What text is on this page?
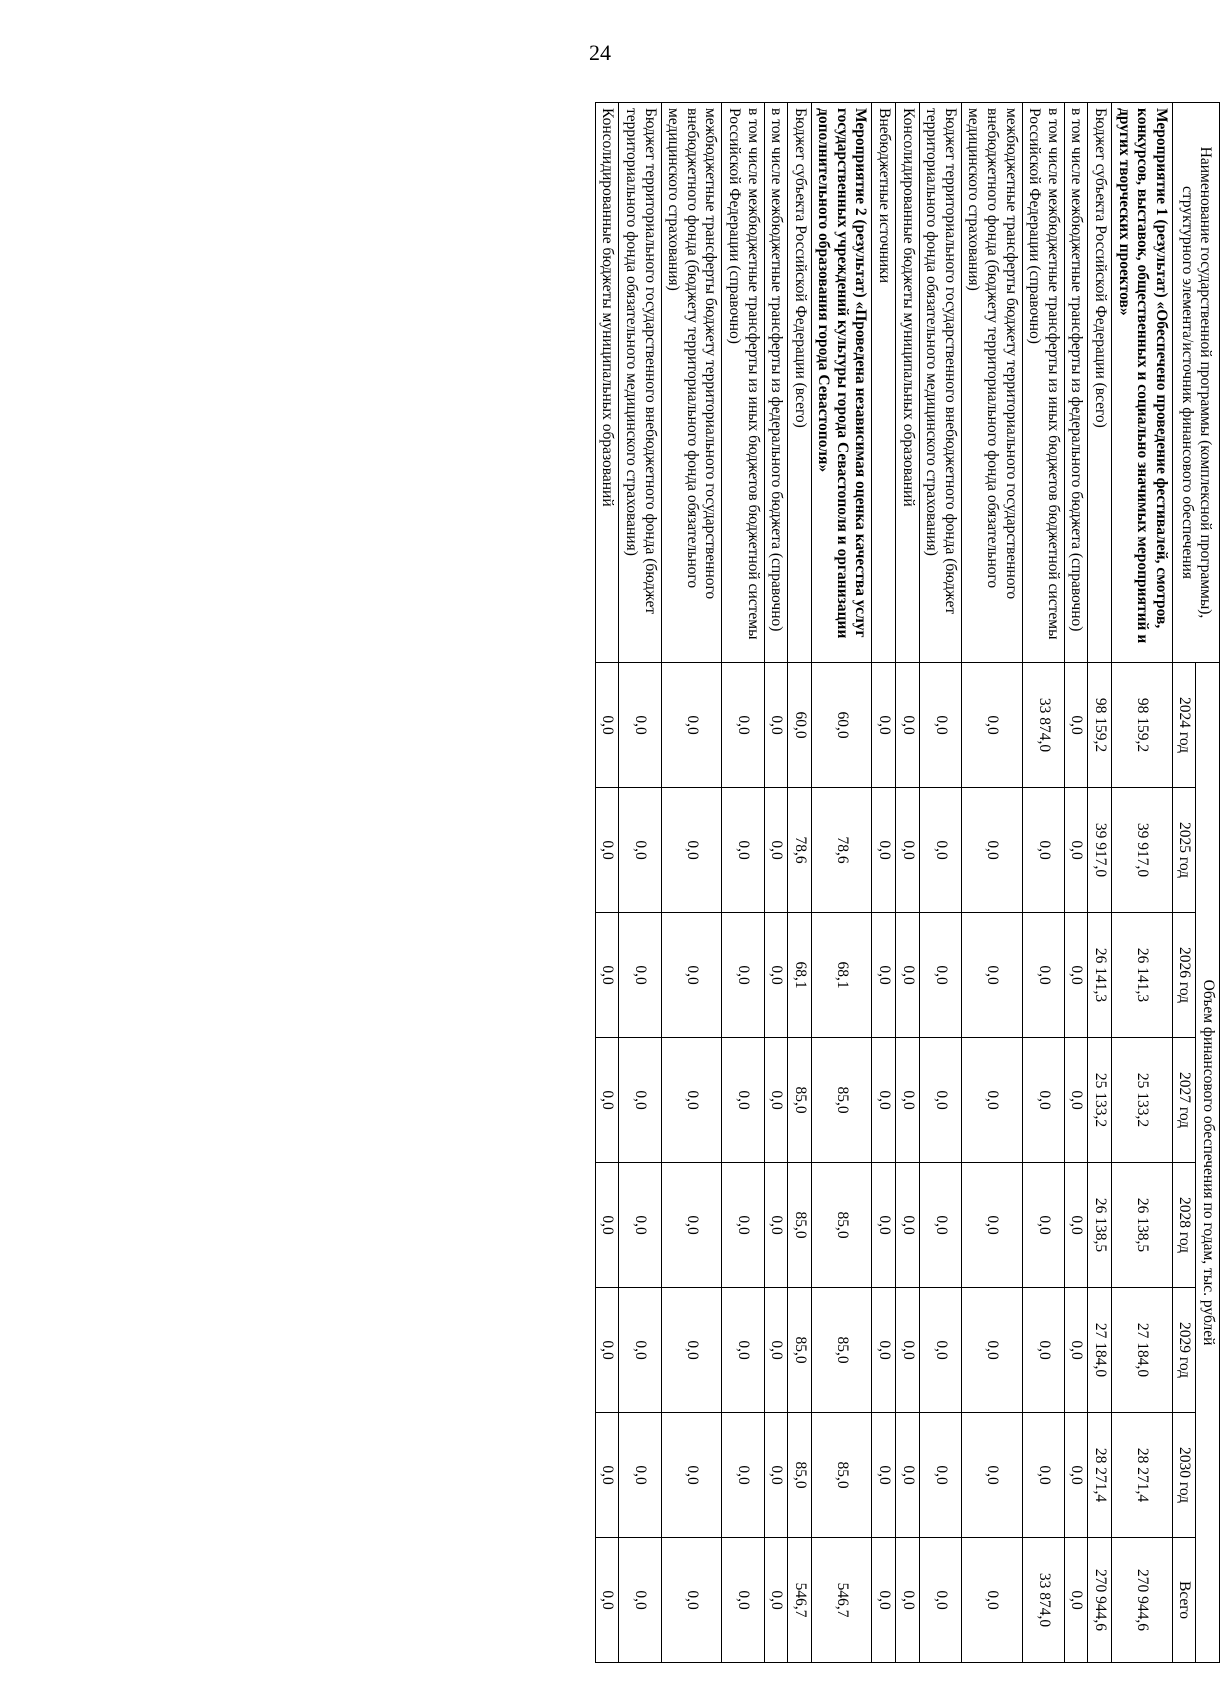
24
Наименование государственной программы (комплексной программы), структурного элемента/источник финансового обеспечения	Объем финансового обеспечения по годам, тыс. рублей							
	2024 год	2025 год	2026 год	2027 год	2028 год	2029 год	2030 год	Всего
Мероприятие 1 (результат) «Обеспечено проведение фестивалей, смотров, конкурсов, выставок, общественных и социально значимых мероприятий и других творческих проектов»	98 159,2	39 917,0	26 141,3	25 133,2	26 138,5	27 184,0	28 271,4	270 944,6
Бюджет субъекта Российской Федерации (всего)	98 159,2	39 917,0	26 141,3	25 133,2	26 138,5	27 184,0	28 271,4	270 944,6
в том числе межбюджетные трансферты из федерального бюджета (справочно)	0,0	0,0	0,0	0,0	0,0	0,0	0,0	0,0
в том числе межбюджетные трансферты из иных бюджетов бюджетной системы Российской Федерации (справочно)	33 874,0	0,0	0,0	0,0	0,0	0,0	0,0	33 874,0
межбюджетные трансферты бюджету территориального государственного внебюджетного фонда (бюджету территориального фонда обязательного медицинского страхования)	0,0	0,0	0,0	0,0	0,0	0,0	0,0	0,0
Бюджет территориального государственного внебюджетного фонда (бюджет территориального фонда обязательного медицинского страхования)	0,0	0,0	0,0	0,0	0,0	0,0	0,0	0,0
Консолидированные бюджеты муниципальных образований	0,0	0,0	0,0	0,0	0,0	0,0	0,0	0,0
Внебюджетные источники	0,0	0,0	0,0	0,0	0,0	0,0	0,0	0,0
Мероприятие 2 (результат) «Проведена независимая оценка качества услуг государственных учреждений культуры города Севастополя и организации дополнительного образования города Севастополя»	60,0	78,6	68,1	85,0	85,0	85,0	85,0	546,7
Бюджет субъекта Российской Федерации (всего)	60,0	78,6	68,1	85,0	85,0	85,0	85,0	546,7
в том числе межбюджетные трансферты из федерального бюджета (справочно)	0,0	0,0	0,0	0,0	0,0	0,0	0,0	0,0
в том числе межбюджетные трансферты из иных бюджетов бюджетной системы Российской Федерации (справочно)	0,0	0,0	0,0	0,0	0,0	0,0	0,0	0,0
межбюджетные трансферты бюджету территориального государственного внебюджетного фонда (бюджету территориального фонда обязательного медицинского страхования)	0,0	0,0	0,0	0,0	0,0	0,0	0,0	0,0
Бюджет территориального государственного внебюджетного фонда (бюджет территориального фонда обязательного медицинского страхования)	0,0	0,0	0,0	0,0	0,0	0,0	0,0	0,0
Консолидированные бюджеты муниципальных образований	0,0	0,0	0,0	0,0	0,0	0,0	0,0	0,0
